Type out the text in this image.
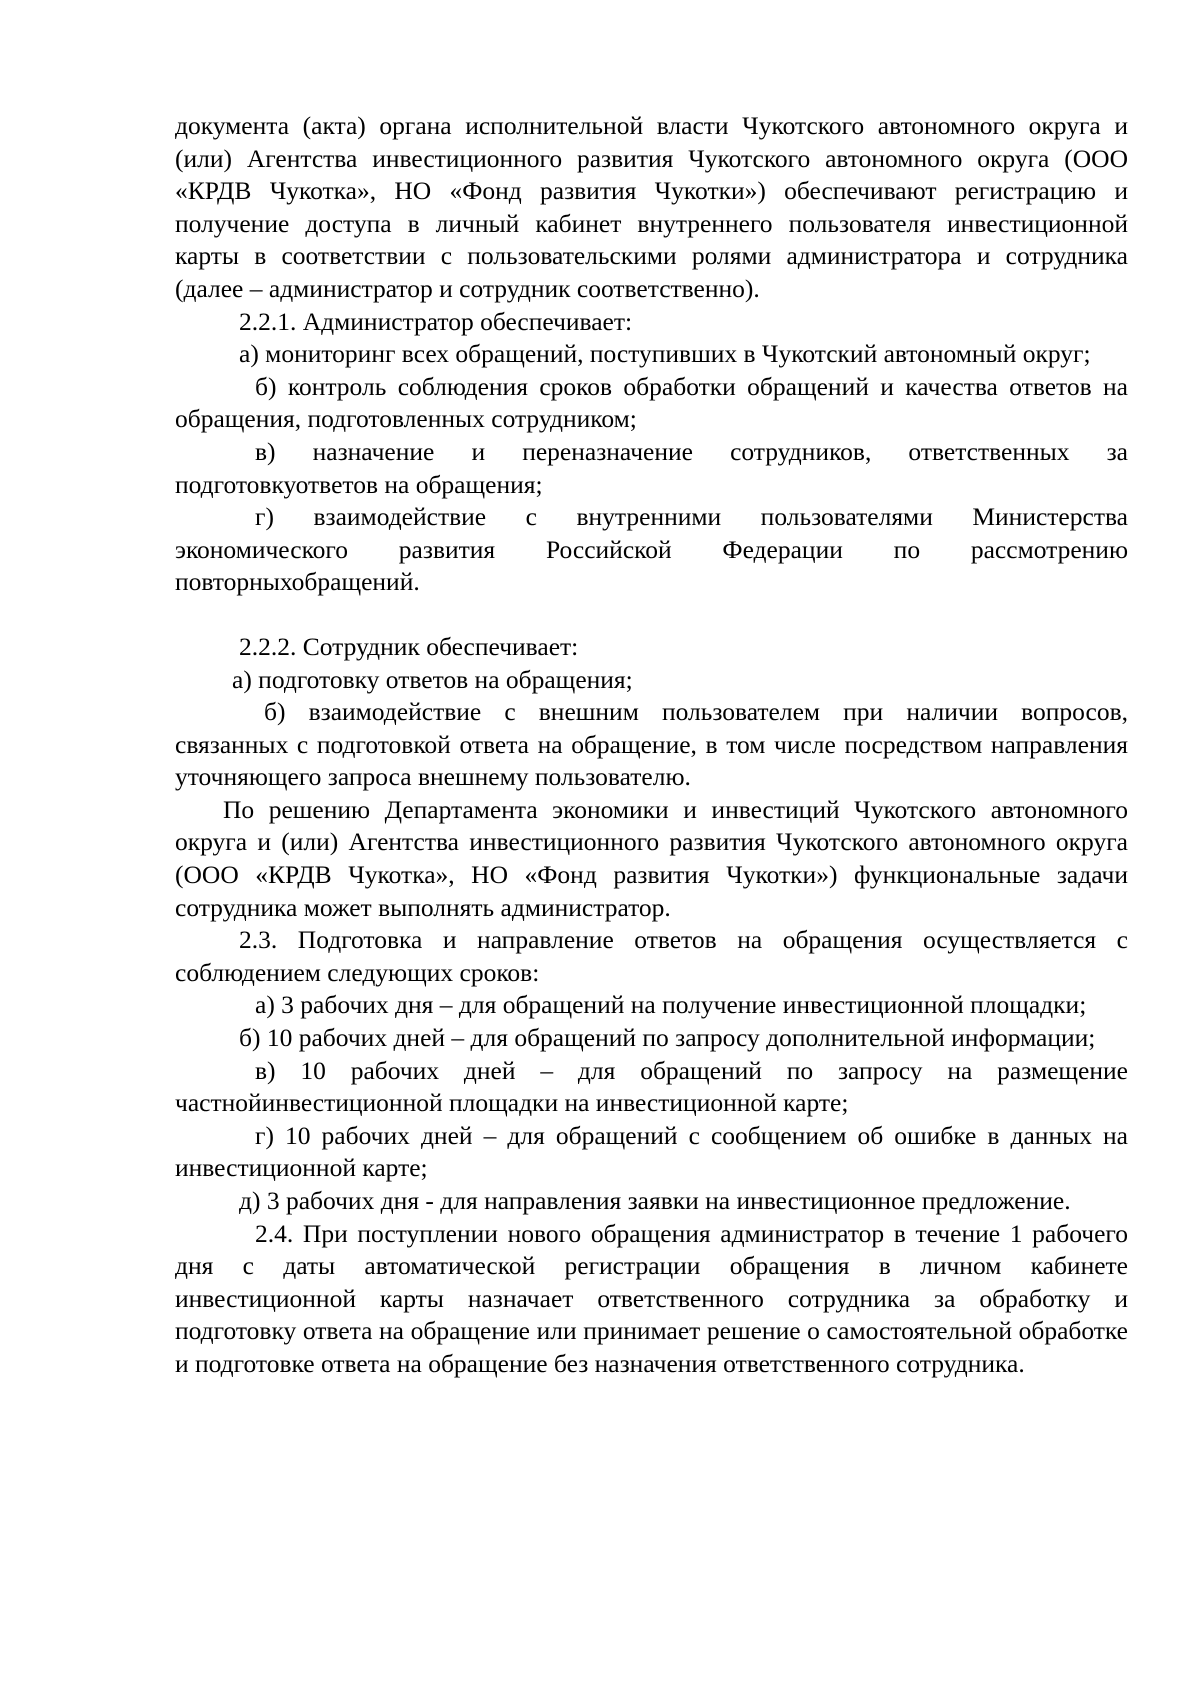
документа (акта) органа исполнительной власти Чукотского автономного округа и (или) Агентства инвестиционного развития Чукотского автономного округа (ООО «КРДВ Чукотка», НО «Фонд развития Чукотки») обеспечивают регистрацию и получение доступа в личный кабинет внутреннего пользователя инвестиционной карты в соответствии с пользовательскими ролями администратора и сотрудника (далее – администратор и сотрудник соответственно).

2.2.1. Администратор обеспечивает:

а) мониторинг всех обращений, поступивших в Чукотский автономный округ;

б) контроль соблюдения сроков обработки обращений и качества ответов на обращения, подготовленных сотрудником;

в) назначение и переназначение сотрудников, ответственных за подготовкуответов на обращения;

г) взаимодействие с внутренними пользователями Министерства экономического развития Российской Федерации по рассмотрению повторныхобращений.

2.2.2. Сотрудник обеспечивает:

а) подготовку ответов на обращения;

б) взаимодействие с внешним пользователем при наличии вопросов, связанных с подготовкой ответа на обращение, в том числе посредством направления уточняющего запроса внешнему пользователю.

По решению Департамента экономики и инвестиций Чукотского автономного округа и (или) Агентства инвестиционного развития Чукотского автономного округа (ООО «КРДВ Чукотка», НО «Фонд развития Чукотки») функциональные задачи сотрудника может выполнять администратор.

2.3. Подготовка и направление ответов на обращения осуществляется с соблюдением следующих сроков:

а) 3 рабочих дня – для обращений на получение инвестиционной площадки;

б) 10 рабочих дней – для обращений по запросу дополнительной информации;

в) 10 рабочих дней – для обращений по запросу на размещение частнойинвестиционной площадки на инвестиционной карте;

г) 10 рабочих дней – для обращений с сообщением об ошибке в данных на инвестиционной карте;

д) 3 рабочих дня - для направления заявки на инвестиционное предложение.

2.4. При поступлении нового обращения администратор в течение 1 рабочего дня с даты автоматической регистрации обращения в личном кабинете инвестиционной карты назначает ответственного сотрудника за обработку и подготовку ответа на обращение или принимает решение о самостоятельной обработке и подготовке ответа на обращение без назначения ответственного сотрудника.
